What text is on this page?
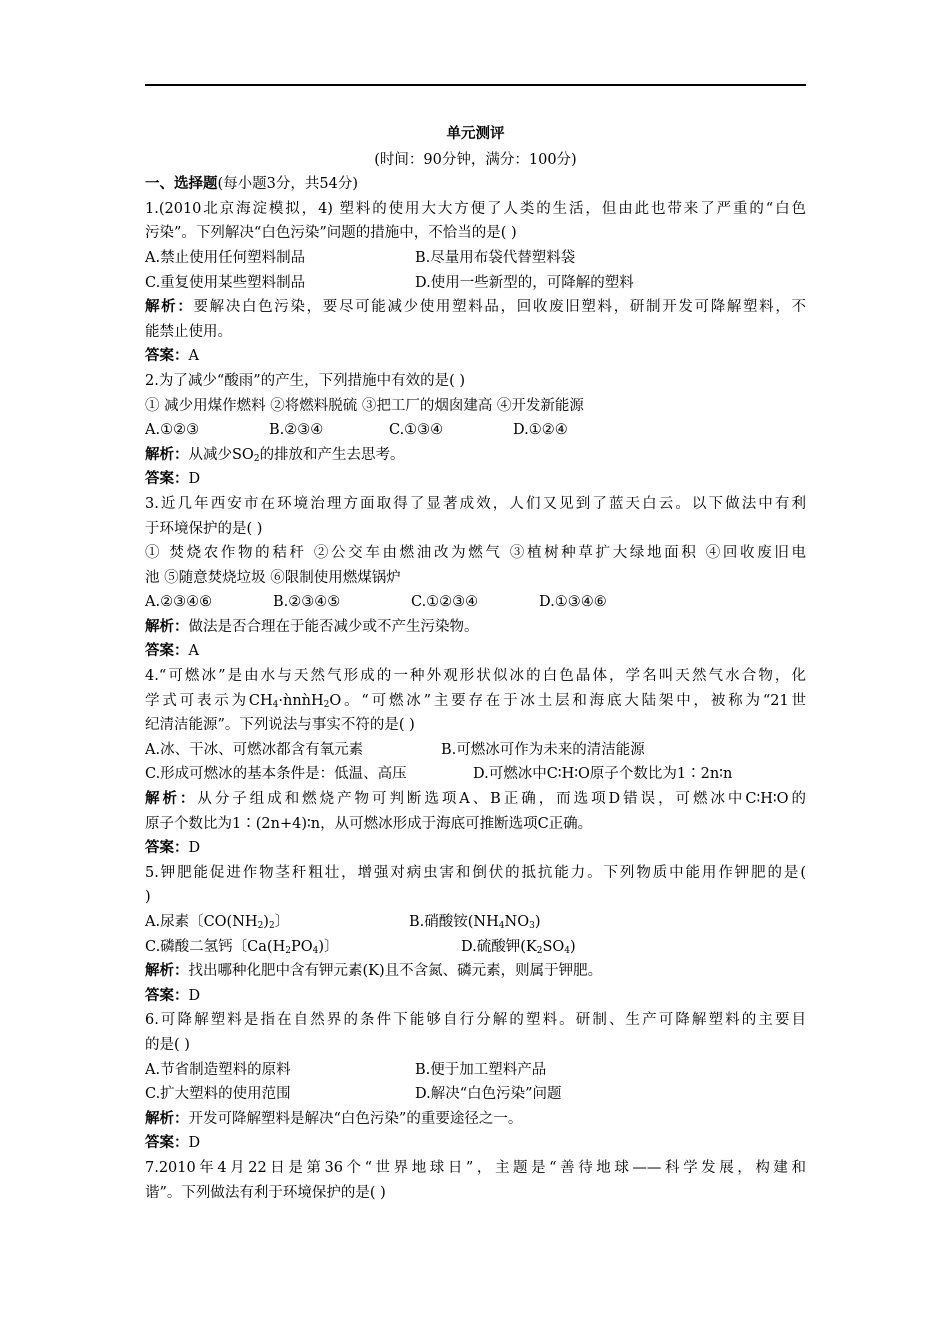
单元测评
(时间：90分钟，满分：100分)
一、选择题(每小题3分，共54分)
1.(2010北京海淀模拟，4) 塑料的使用大大方便了人类的生活，但由此也带来了严重的“白色
污染”。下列解决“白色污染”问题的措施中，不恰当的是( )
A.禁止使用任何塑料制品	B.尽量用布袋代替塑料袋
C.重复使用某些塑料制品	D.使用一些新型的，可降解的塑料
解析：要解决白色污染，要尽可能减少使用塑料品，回收废旧塑料，研制开发可降解塑料，不
能禁止使用。
答案：A
2.为了减少“酸雨”的产生，下列措施中有效的是( )
① 减少用煤作燃料 ②将燃料脱硫 ③把工厂的烟囱建高 ④开发新能源
A.①②③	B.②③④	C.①③④	D.①②④
解析：从减少$SO_2$的排放和产生去思考。
答案：D
3.近几年西安市在环境治理方面取得了显著成效，人们又见到了蓝天白云。以下做法中有利
于环境保护的是( )
① 焚烧农作物的秸秆 ②公交车由燃油改为燃气 ③植树种草扩大绿地面积 ④回收废旧电
池 ⑤随意焚烧垃圾 ⑥限制使用燃煤锅炉
A.②③④⑥	B.②③④⑤	C.①②③④	D.①③④⑥
解析：做法是否合理在于能否减少或不产生污染物。
答案：A
4.“可燃冰”是由水与天然气形成的一种外观形状似冰的白色晶体，学名叫天然气水合物，化
学式可表示为$CH_4\cdot ǹnǹH_2O$。“可燃冰”主要存在于冰土层和海底大陆架中，被称为“21世
纪清洁能源”。下列说法与事实不符的是( )
A.冰、干冰、可燃冰都含有氧元素	B.可燃冰可作为未来的清洁能源
C.形成可燃冰的基本条件是：低温、高压	D.可燃冰中C∶H∶O原子个数比为1∶2n∶n
解析：从分子组成和燃烧产物可判断选项A、B正确，而选项D错误，可燃冰中C∶H∶O的
原子个数比为1∶(2n+4)∶n，从可燃冰形成于海底可推断选项C正确。
答案：D
5.钾肥能促进作物茎秆粗壮，增强对病虫害和倒伏的抵抗能力。下列物质中能用作钾肥的是(
)
A.尿素〔$CO(NH_2)_2$〕	B.硝酸铵$(NH_4NO_3)$
C.磷酸二氢钙〔$Ca(H_2PO_4)$〕	D.硫酸钾$(K_2SO_4)$
解析：找出哪种化肥中含有钾元素(K)且不含氮、磷元素，则属于钾肥。
答案：D
6.可降解塑料是指在自然界的条件下能够自行分解的塑料。研制、生产可降解塑料的主要目
的是( )
A.节省制造塑料的原料	B.便于加工塑料产品
C.扩大塑料的使用范围	D.解决“白色污染”问题
解析：开发可降解塑料是解决“白色污染”的重要途径之一。
答案：D
7.2010年4月22日是第36个“世界地球日”，主题是“善待地球——科学发展，构建和
谐”。下列做法有利于环境保护的是( )
